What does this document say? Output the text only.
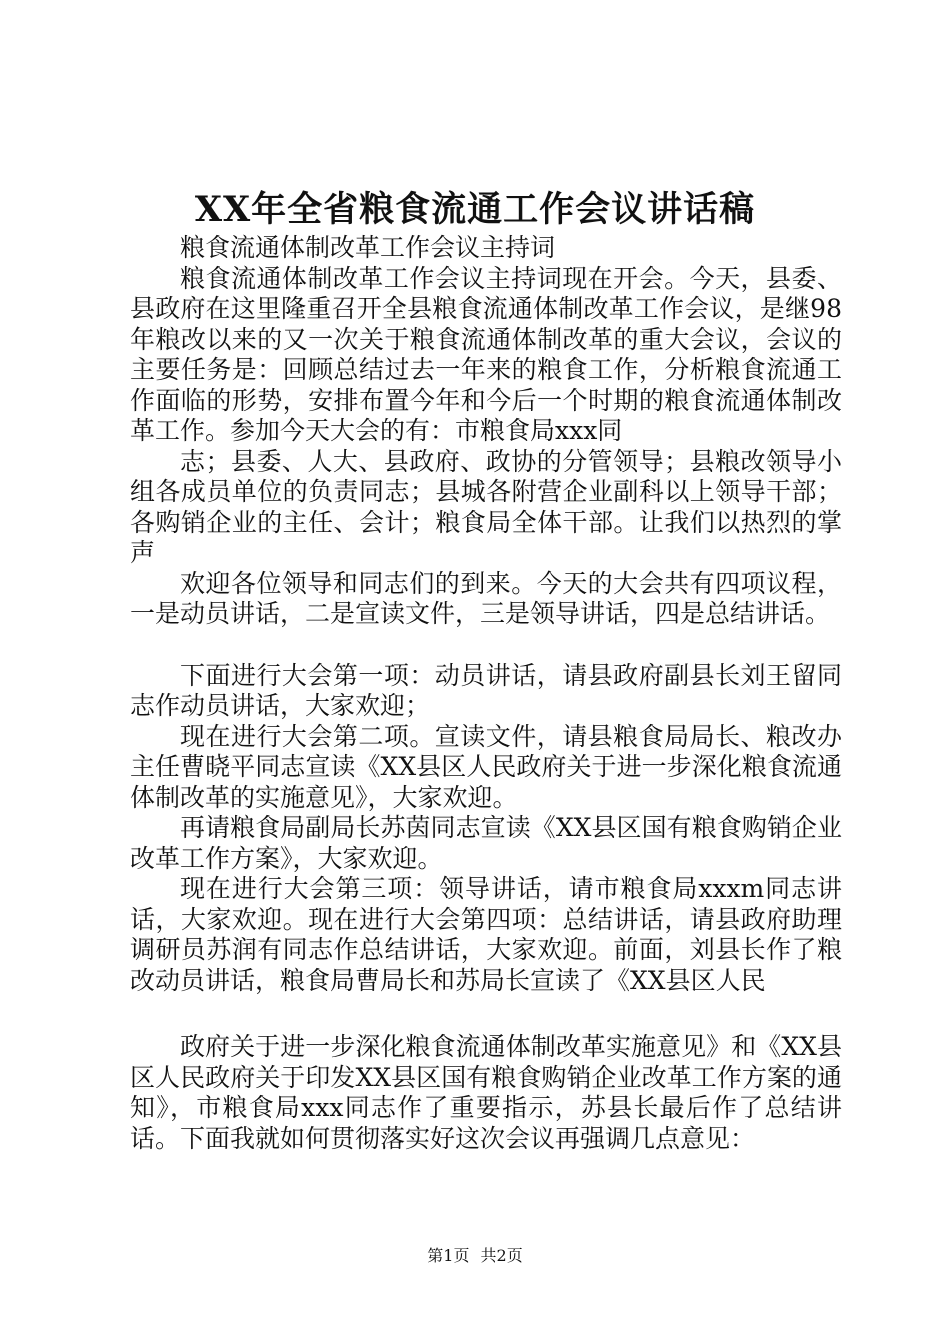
XX年全省粮食流通工作会议讲话稿

粮食流通体制改革工作会议主持词

粮食流通体制改革工作会议主持词现在开会。今天，县委、县政府在这里隆重召开全县粮食流通体制改革工作会议，是继98年粮改以来的又一次关于粮食流通体制改革的重大会议，会议的主要任务是：回顾总结过去一年来的粮食工作，分析粮食流通工作面临的形势，安排布置今年和今后一个时期的粮食流通体制改革工作。参加今天大会的有：市粮食局xxx同

志；县委、人大、县政府、政协的分管领导；县粮改领导小组各成员单位的负责同志；县城各附营企业副科以上领导干部；各购销企业的主任、会计；粮食局全体干部。让我们以热烈的掌声

欢迎各位领导和同志们的到来。今天的大会共有四项议程，一是动员讲话，二是宣读文件，三是领导讲话，四是总结讲话。

下面进行大会第一项：动员讲话，请县政府副县长刘王留同志作动员讲话，大家欢迎；

现在进行大会第二项。宣读文件，请县粮食局局长、粮改办主任曹晓平同志宣读《XX县区人民政府关于进一步深化粮食流通体制改革的实施意见》，大家欢迎。

再请粮食局副局长苏茵同志宣读《XX县区国有粮食购销企业改革工作方案》，大家欢迎。

现在进行大会第三项：领导讲话，请市粮食局xxxm同志讲话，大家欢迎。现在进行大会第四项：总结讲话，请县政府助理调研员苏润有同志作总结讲话，大家欢迎。前面，刘县长作了粮改动员讲话，粮食局曹局长和苏局长宣读了《XX县区人民

政府关于进一步深化粮食流通体制改革实施意见》和《XX县区人民政府关于印发XX县区国有粮食购销企业改革工作方案的通知》，市粮食局xxx同志作了重要指示，苏县长最后作了总结讲话。下面我就如何贯彻落实好这次会议再强调几点意见：

第1页 共2页
